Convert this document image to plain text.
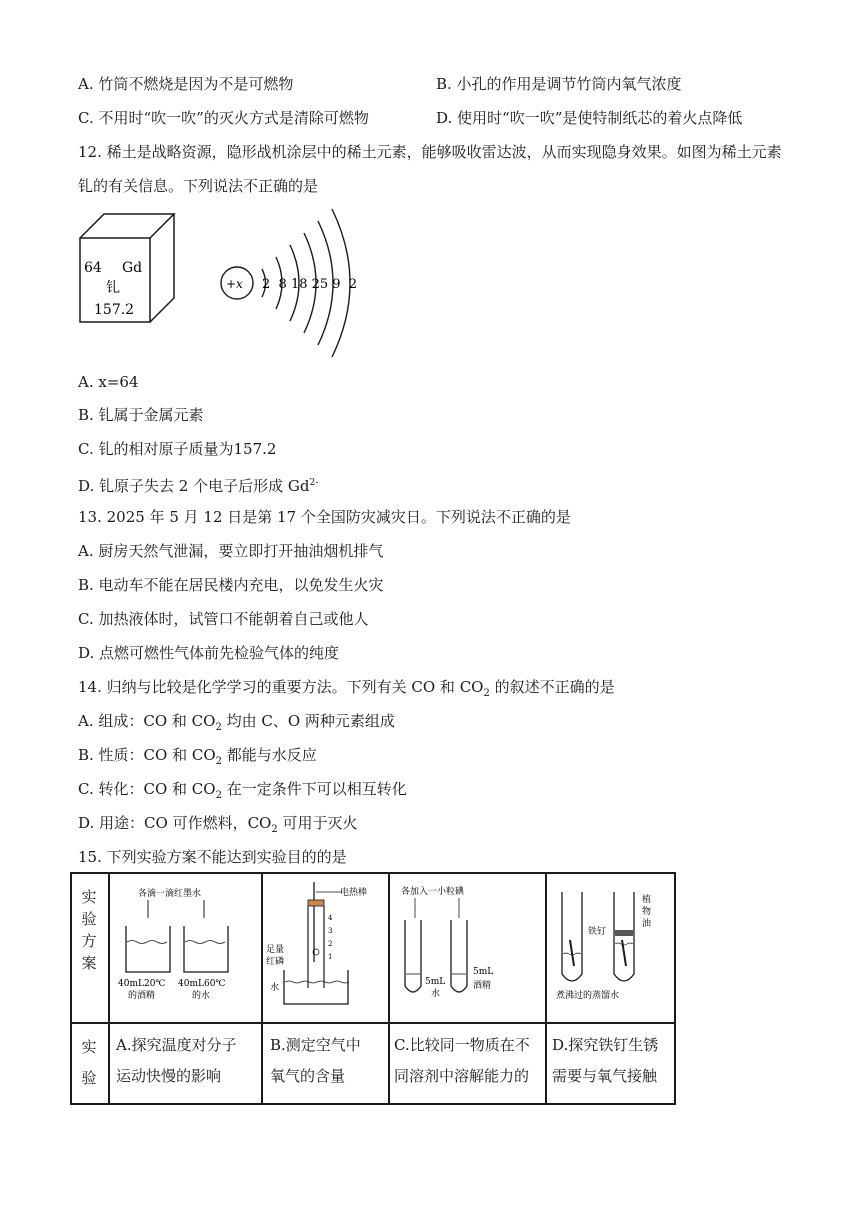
A. 竹筒不燃烧是因为不是可燃物	B. 小孔的作用是调节竹筒内氧气浓度
C. 不用时“吹一吹”的灭火方式是清除可燃物	D. 使用时“吹一吹”是使特制纸芯的着火点降低
12. 稀土是战略资源，隐形战机涂层中的稀土元素，能够吸收雷达波，从而实现隐身效果。如图为稀土元素
钆的有关信息。下列说法不正确的是
64 Gd
钆
157.2
+x 2  8 18 25 9  2
A. x=64
B. 钆属于金属元素
C. 钆的相对原子质量为157.2
D. 钆原子失去 2 个电子后形成 $Gd^{2-}$
13. 2025 年 5 月 12 日是第 17 个全国防灾减灾日。下列说法不正确的是
A. 厨房天然气泄漏，要立即打开抽油烟机排气
B. 电动车不能在居民楼内充电，以免发生火灾
C. 加热液体时，试管口不能朝着自己或他人
D. 点燃可燃性气体前先检验气体的纯度
14. 归纳与比较是化学学习的重要方法。下列有关 CO 和 $CO_2$ 的叙述不正确的是
A. 组成：CO 和 $CO_2$ 均由 C、O 两种元素组成
B. 性质：CO 和 $CO_2$ 都能与水反应
C. 转化：CO 和 $CO_2$ 在一定条件下可以相互转化
D. 用途：CO 可作燃料，$CO_2$ 可用于灭火
15. 下列实验方案不能达到实验目的的是
实
验
方
案
实
验
各滴一滴红墨水
40mL20℃
的酒精
40mL60℃
的水
电热棒
4
3
2
1
足量
红磷
水
各加入一小粒碘
5mL
水
5mL
酒精
铁钉
植
物
油
煮沸过的蒸馏水
A.探究温度对分子
运动快慢的影响
B.测定空气中
氧气的含量
C.比较同一物质在不
同溶剂中溶解能力的
D.探究铁钉生锈
需要与氧气接触
